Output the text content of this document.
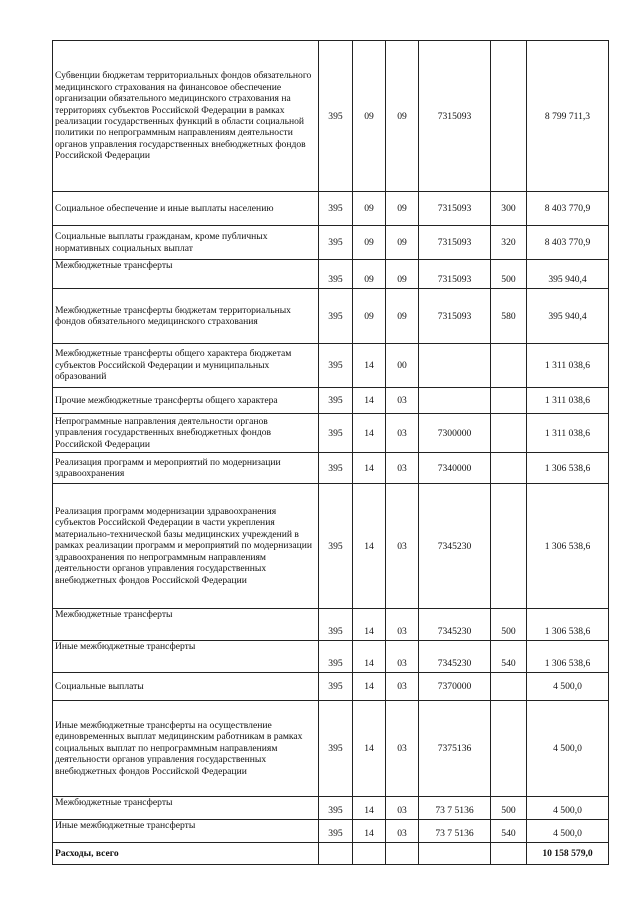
Субвенции бюджетам территориальных фондов обязательного медицинского страхования на финансовое обеспечение организации обязательного медицинского страхования на территориях субъектов Российской Федерации в рамках реализации государственных функций в области социальной политики по непрограммным направлениям деятельности органов управления государственных внебюджетных фондов Российской Федерации	395	09	09	7315093		8 799 711,3
Социальное обеспечение и иные выплаты населению	395	09	09	7315093	300	8 403 770,9
Социальные выплаты гражданам, кроме публичных нормативных социальных выплат	395	09	09	7315093	320	8 403 770,9
Межбюджетные трансферты	395	09	09	7315093	500	395 940,4
Межбюджетные трансферты бюджетам территориальных фондов обязательного медицинского страхования	395	09	09	7315093	580	395 940,4
Межбюджетные трансферты общего характера бюджетам субъектов Российской Федерации и муниципальных образований	395	14	00			1 311 038,6
Прочие межбюджетные трансферты общего характера	395	14	03			1 311 038,6
Непрограммные направления деятельности органов управления государственных внебюджетных фондов Российской Федерации	395	14	03	7300000		1 311 038,6
Реализация программ и мероприятий по модернизации здравоохранения	395	14	03	7340000		1 306 538,6
Реализация программ модернизации здравоохранения субъектов Российской Федерации в части укрепления материально-технической базы медицинских учреждений в рамках реализации программ и мероприятий по модернизации здравоохранения по непрограммным направлениям деятельности органов управления государственных внебюджетных фондов Российской Федерации	395	14	03	7345230		1 306 538,6
Межбюджетные трансферты	395	14	03	7345230	500	1 306 538,6
Иные межбюджетные трансферты	395	14	03	7345230	540	1 306 538,6
Социальные выплаты	395	14	03	7370000		4 500,0
Иные межбюджетные трансферты на осуществление единовременных выплат медицинским работникам в рамках социальных выплат по непрограммным направлениям деятельности органов управления государственных внебюджетных фондов Российской Федерации	395	14	03	7375136		4 500,0
Межбюджетные трансферты	395	14	03	73 7 5136	500	4 500,0
Иные межбюджетные трансферты	395	14	03	73 7 5136	540	4 500,0
Расходы, всего						10 158 579,0
